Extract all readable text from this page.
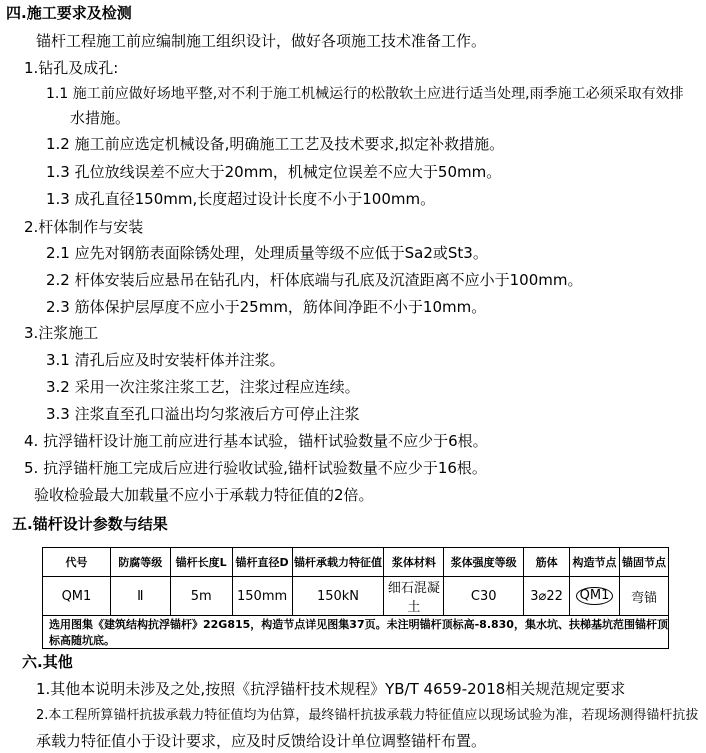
四.施工要求及检测
锚杆工程施工前应编制施工组织设计，做好各项施工技术准备工作。
1.钻孔及成孔:
1.1 施工前应做好场地平整,对不利于施工机械运行的松散软土应进行适当处理,雨季施工必须采取有效排
水措施。
1.2 施工前应选定机械设备,明确施工工艺及技术要求,拟定补救措施。
1.3 孔位放线误差不应大于20mm，机械定位误差不应大于50mm。
1.3 成孔直径150mm,长度超过设计长度不小于100mm。
2.杆体制作与安装
2.1 应先对钢筋表面除锈处理，处理质量等级不应低于Sa2或St3。
2.2 杆体安装后应悬吊在钻孔内，杆体底端与孔底及沉渣距离不应小于100mm。
2.3 筋体保护层厚度不应小于25mm，筋体间净距不小于10mm。
3.注浆施工
3.1 清孔后应及时安装杆体并注浆。
3.2 采用一次注浆注浆工艺，注浆过程应连续。
3.3 注浆直至孔口溢出均匀浆液后方可停止注浆
4. 抗浮锚杆设计施工前应进行基本试验，锚杆试验数量不应少于6根。
5. 抗浮锚杆施工完成后应进行验收试验,锚杆试验数量不应少于16根。
验收检验最大加载量不应小于承载力特征值的2倍。
五.锚杆设计参数与结果
代号	防腐等级	锚杆长度L	锚杆直径D	锚杆承载力特征值	浆体材料	浆体强度等级	筋体	构造节点	锚固节点
QM1	Ⅱ	5m	150mm	150kN	细石混凝土	C30	3⌀22	QM1	弯锚
选用图集《建筑结构抗浮锚杆》22G815，构造节点详见图集37页。未注明锚杆顶标高-8.830，集水坑、扶梯基坑范围锚杆顶标高随坑底。									
六.其他
1.其他本说明未涉及之处,按照《抗浮锚杆技术规程》YB/T 4659-2018相关规范规定要求
2.本工程所算锚杆抗拔承载力特征值均为估算，最终锚杆抗拔承载力特征值应以现场试验为准，若现场测得锚杆抗拔
承载力特征值小于设计要求，应及时反馈给设计单位调整锚杆布置。
